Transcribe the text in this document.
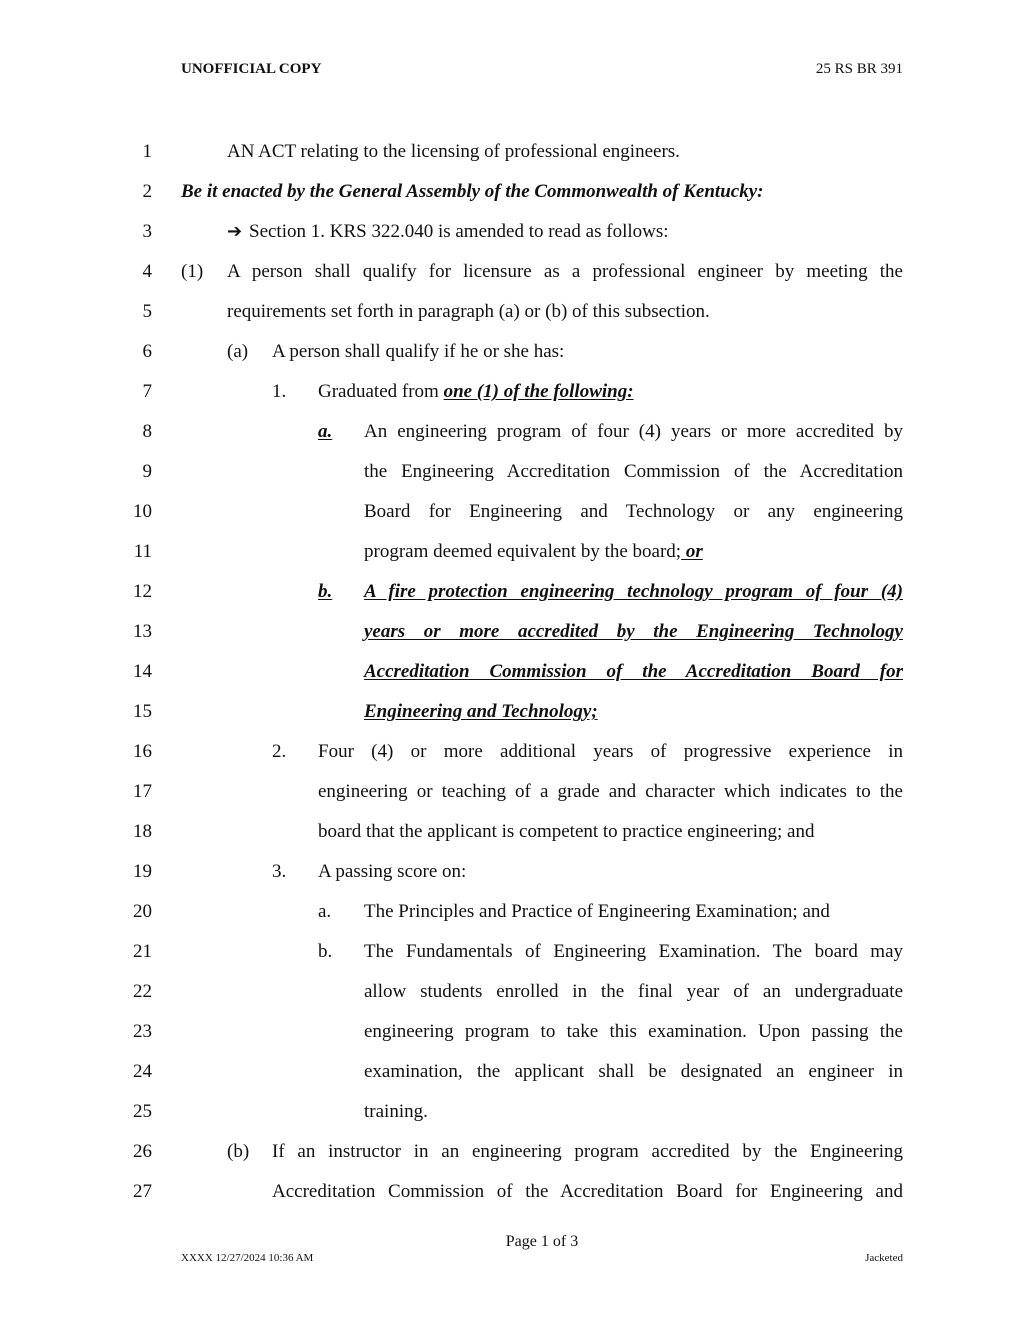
UNOFFICIAL COPY	25 RS BR 391
1	AN ACT relating to the licensing of professional engineers.
2 Be it enacted by the General Assembly of the Commonwealth of Kentucky:
3	➔ Section 1. KRS 322.040 is amended to read as follows:
4 (1) A person shall qualify for licensure as a professional engineer by meeting the
5	requirements set forth in paragraph (a) or (b) of this subsection.
6	(a) A person shall qualify if he or she has:
7	1. Graduated from one (1) of the following:
8	a. An engineering program of four (4) years or more accredited by
9	the Engineering Accreditation Commission of the Accreditation
10	Board for Engineering and Technology or any engineering
11	program deemed equivalent by the board; or
12	b. A fire protection engineering technology program of four (4)
13	years or more accredited by the Engineering Technology
14	Accreditation Commission of the Accreditation Board for
15	Engineering and Technology;
16	2. Four (4) or more additional years of progressive experience in
17	engineering or teaching of a grade and character which indicates to the
18	board that the applicant is competent to practice engineering; and
19	3. A passing score on:
20	a. The Principles and Practice of Engineering Examination; and
21	b. The Fundamentals of Engineering Examination. The board may
22	allow students enrolled in the final year of an undergraduate
23	engineering program to take this examination. Upon passing the
24	examination, the applicant shall be designated an engineer in
25	training.
26	(b) If an instructor in an engineering program accredited by the Engineering
27	Accreditation Commission of the Accreditation Board for Engineering and
Page 1 of 3
XXXX 12/27/2024 10:36 AM	Jacketed
